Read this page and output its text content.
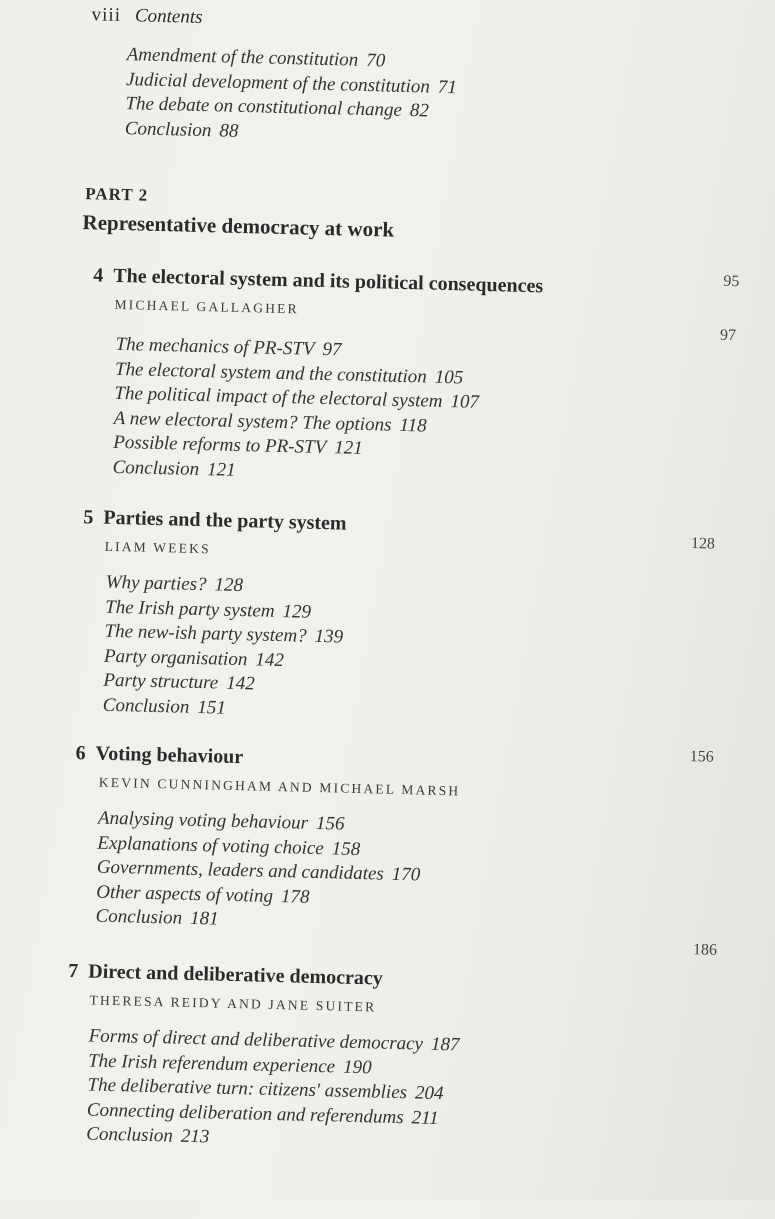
viii Contents
Amendment of the constitution 70
Judicial development of the constitution 71
The debate on constitutional change 82
Conclusion 88
PART 2
Representative democracy at work
95
4 The electoral system and its political consequences
MICHAEL GALLAGHER
97
The mechanics of PR-STV 97
The electoral system and the constitution 105
The political impact of the electoral system 107
A new electoral system? The options 118
Possible reforms to PR-STV 121
Conclusion 121
5 Parties and the party system
LIAM WEEKS	128
Why parties? 128
The Irish party system 129
The new-ish party system? 139
Party organisation 142
Party structure 142
Conclusion 151
6 Voting behaviour
KEVIN CUNNINGHAM AND MICHAEL MARSH
156
Analysing voting behaviour 156
Explanations of voting choice 158
Governments, leaders and candidates 170
Other aspects of voting 178
Conclusion 181
7 Direct and deliberative democracy
THERESA REIDY AND JANE SUITER
186
Forms of direct and deliberative democracy 187
The Irish referendum experience 190
The deliberative turn: citizens' assemblies 204
Connecting deliberation and referendums 211
Conclusion 213
